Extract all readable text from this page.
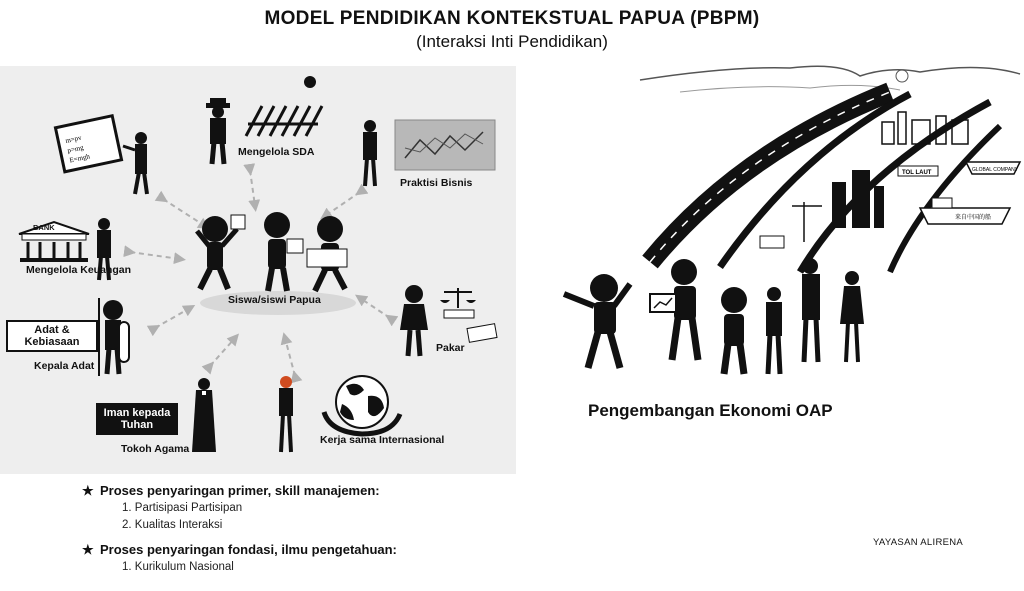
MODEL PENDIDIKAN KONTEKSTUAL PAPUA (PBPM)
(Interaksi Inti Pendidikan)
Siswa/siswi Papua
m=pv
p=mg
E=mgh
Mengelola SDA
Praktisi Bisnis
BANK
Mengelola Keuangan
Adat & Kebiasaan
Kepala Adat
Pakar
Iman kepada Tuhan
Tokoh Agama
Kerja sama Internasional
TRANS PAPUA	TOL LAUT	GLOBAL COMPANY
来自中国的船
Pengembangan Ekonomi OAP
★ Proses penyaringan primer, skill manajemen:
1. Partisipasi Partisipan
2. Kualitas Interaksi
★ Proses penyaringan fondasi, ilmu pengetahuan:
1. Kurikulum Nasional
YAYASAN ALIRENA
